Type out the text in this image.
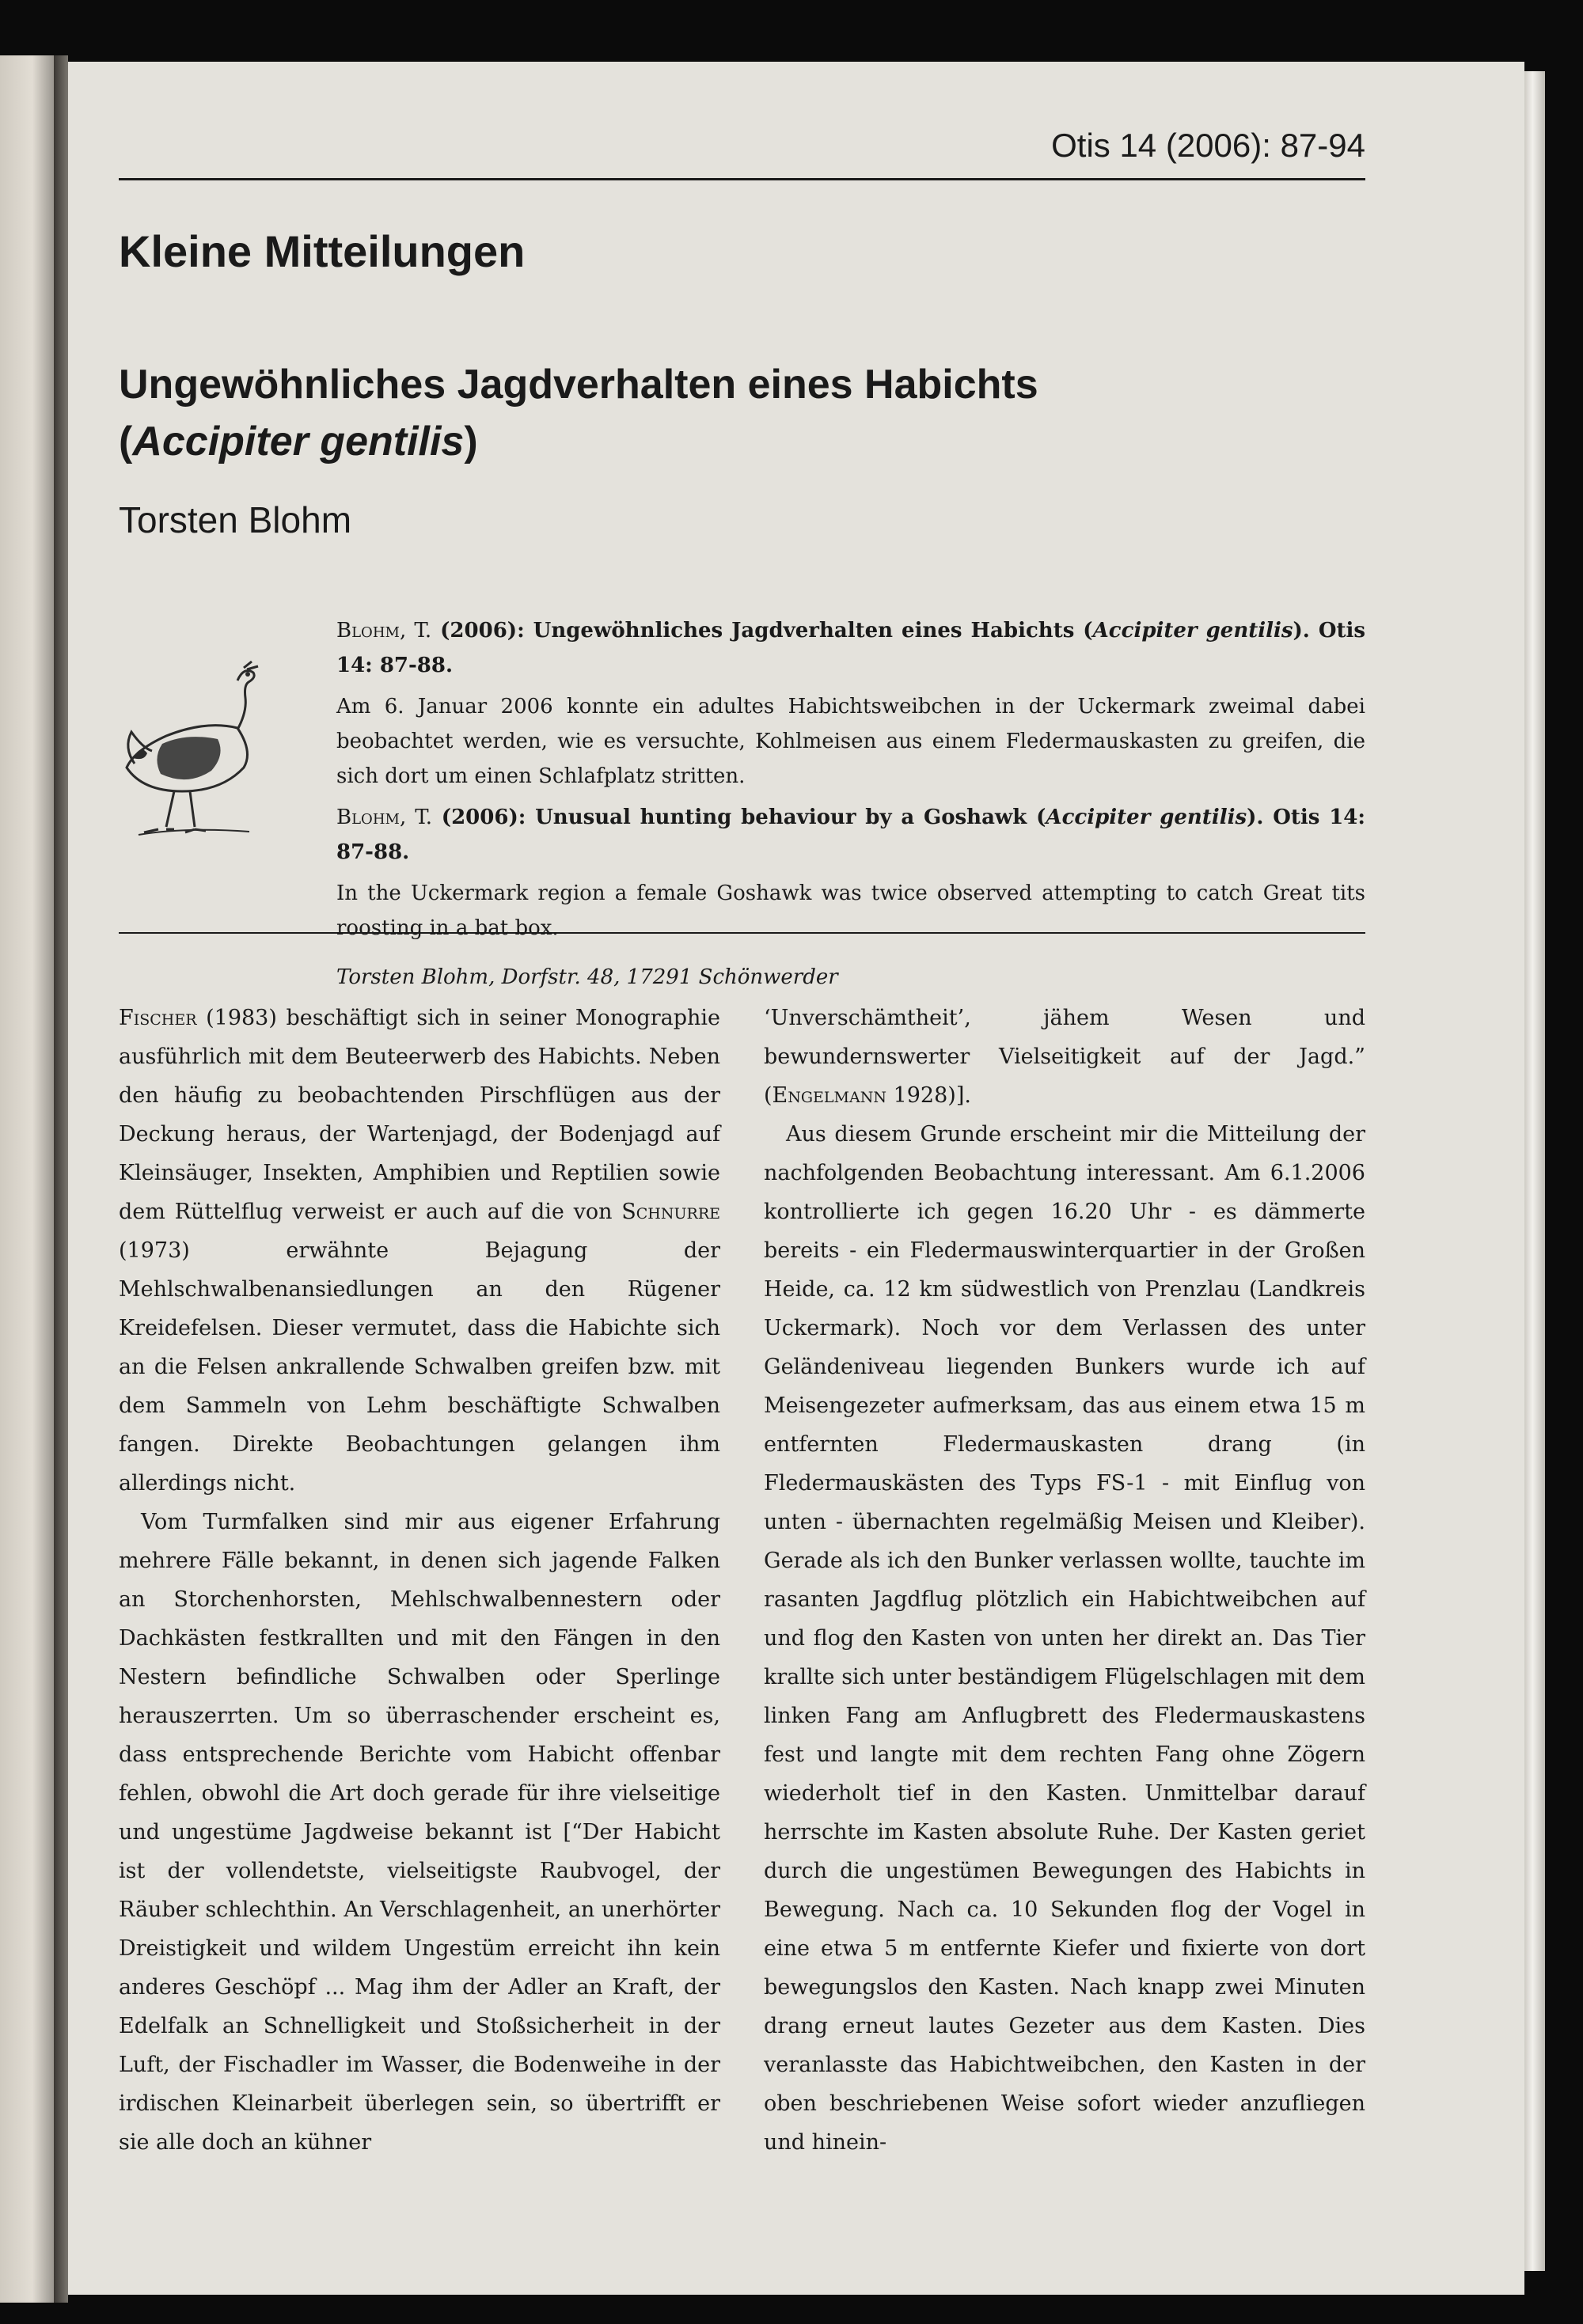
Otis 14 (2006): 87-94
Kleine Mitteilungen
Ungewöhnliches Jagdverhalten eines Habichts
(Accipiter gentilis)
Torsten Blohm

Blohm, T. (2006): Ungewöhnliches Jagdverhalten eines Habichts (Accipiter gentilis). Otis 14: 87-88.

Am 6. Januar 2006 konnte ein adultes Habichtsweibchen in der Uckermark zweimal dabei beobachtet werden, wie es versuchte, Kohlmeisen aus einem Fledermauskasten zu greifen, die sich dort um einen Schlafplatz stritten.

Blohm, T. (2006): Unusual hunting behaviour by a Goshawk (Accipiter gentilis). Otis 14: 87-88.

In the Uckermark region a female Goshawk was twice observed attempting to catch Great tits roosting in a bat box.

Torsten Blohm, Dorfstr. 48, 17291 Schönwerder

Fischer (1983) beschäftigt sich in seiner Monographie ausführlich mit dem Beuteerwerb des Habichts. Neben den häufig zu beobachtenden Pirschflügen aus der Deckung heraus, der Wartenjagd, der Bodenjagd auf Kleinsäuger, Insekten, Amphibien und Reptilien sowie dem Rüttelflug verweist er auch auf die von Schnurre (1973) erwähnte Bejagung der Mehlschwalbenansiedlungen an den Rügener Kreidefelsen. Dieser vermutet, dass die Habichte sich an die Felsen ankrallende Schwalben greifen bzw. mit dem Sammeln von Lehm beschäftigte Schwalben fangen. Direkte Beobachtungen gelangen ihm allerdings nicht.

Vom Turmfalken sind mir aus eigener Erfahrung mehrere Fälle bekannt, in denen sich jagende Falken an Storchenhorsten, Mehlschwalbennestern oder Dachkästen festkrallten und mit den Fängen in den Nestern befindliche Schwalben oder Sperlinge herauszerrten. Um so überraschender erscheint es, dass entsprechende Berichte vom Habicht offenbar fehlen, obwohl die Art doch gerade für ihre vielseitige und ungestüme Jagdweise bekannt ist [“Der Habicht ist der vollendetste, vielseitigste Raubvogel, der Räuber schlechthin. An Verschlagenheit, an unerhörter Dreistigkeit und wildem Ungestüm erreicht ihn kein anderes Geschöpf ... Mag ihm der Adler an Kraft, der Edelfalk an Schnelligkeit und Stoßsicherheit in der Luft, der Fischadler im Wasser, die Bodenweihe in der irdischen Kleinarbeit überlegen sein, so übertrifft er sie alle doch an kühner

‘Unverschämtheit’, jähem Wesen und bewundernswerter Vielseitigkeit auf der Jagd.” (Engelmann 1928)].

Aus diesem Grunde erscheint mir die Mitteilung der nachfolgenden Beobachtung interessant. Am 6.1.2006 kontrollierte ich gegen 16.20 Uhr - es dämmerte bereits - ein Fledermauswinterquartier in der Großen Heide, ca. 12 km südwestlich von Prenzlau (Landkreis Uckermark). Noch vor dem Verlassen des unter Geländeniveau liegenden Bunkers wurde ich auf Meisengezeter aufmerksam, das aus einem etwa 15 m entfernten Fledermauskasten drang (in Fledermauskästen des Typs FS-1 - mit Einflug von unten - übernachten regelmäßig Meisen und Kleiber). Gerade als ich den Bunker verlassen wollte, tauchte im rasanten Jagdflug plötzlich ein Habichtweibchen auf und flog den Kasten von unten her direkt an. Das Tier krallte sich unter beständigem Flügelschlagen mit dem linken Fang am Anflugbrett des Fledermauskastens fest und langte mit dem rechten Fang ohne Zögern wiederholt tief in den Kasten. Unmittelbar darauf herrschte im Kasten absolute Ruhe. Der Kasten geriet durch die ungestümen Bewegungen des Habichts in Bewegung. Nach ca. 10 Sekunden flog der Vogel in eine etwa 5 m entfernte Kiefer und fixierte von dort bewegungslos den Kasten. Nach knapp zwei Minuten drang erneut lautes Gezeter aus dem Kasten. Dies veranlasste das Habichtweibchen, den Kasten in der oben beschriebenen Weise sofort wieder anzufliegen und hinein-
